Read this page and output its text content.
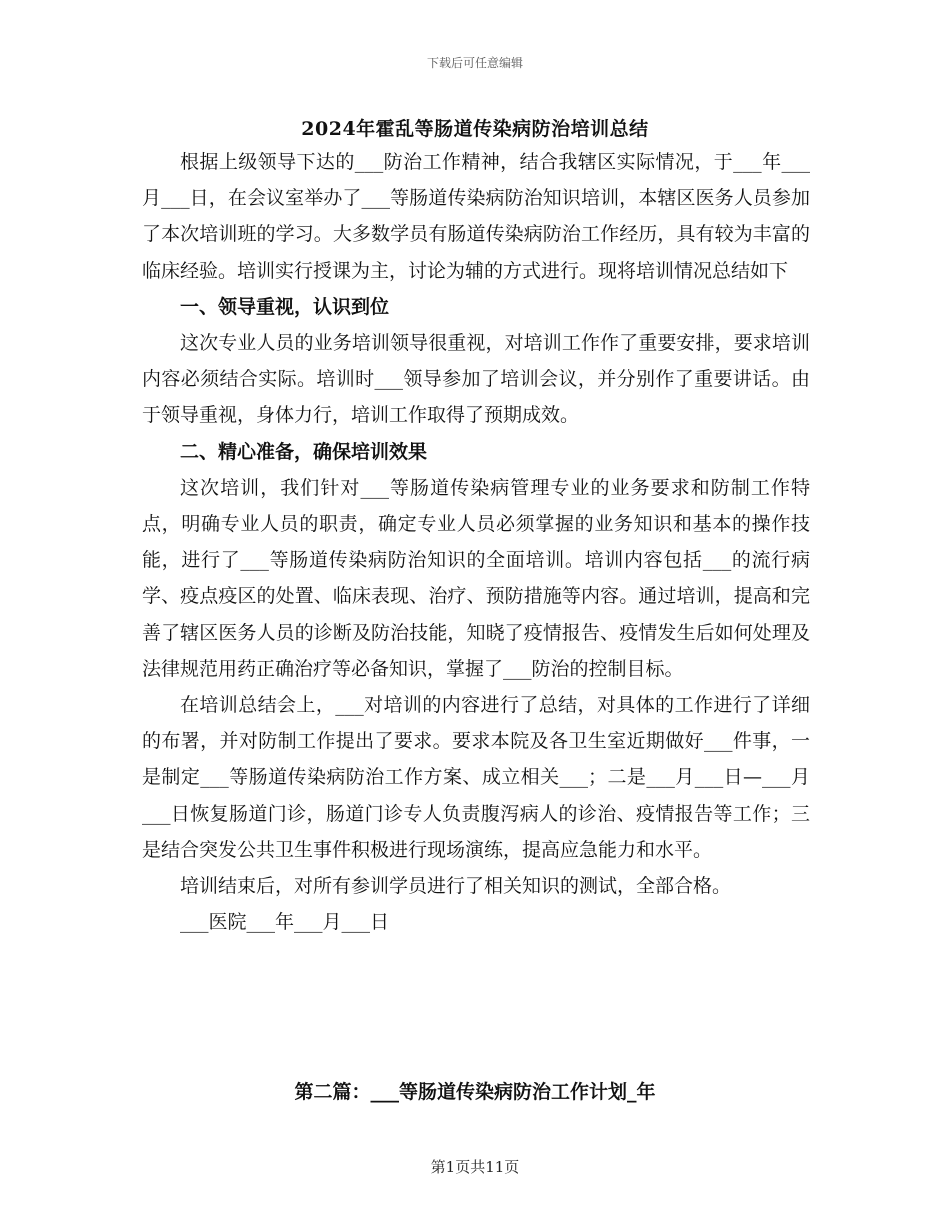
下载后可任意编辑
2024年霍乱等肠道传染病防治培训总结

根据上级领导下达的___防治工作精神，结合我辖区实际情况，于___年___月___日，在会议室举办了___等肠道传染病防治知识培训，本辖区医务人员参加了本次培训班的学习。大多数学员有肠道传染病防治工作经历，具有较为丰富的临床经验。培训实行授课为主，讨论为辅的方式进行。现将培训情况总结如下

一、领导重视，认识到位

这次专业人员的业务培训领导很重视，对培训工作作了重要安排，要求培训内容必须结合实际。培训时___领导参加了培训会议，并分别作了重要讲话。由于领导重视，身体力行，培训工作取得了预期成效。

二、精心准备，确保培训效果

这次培训，我们针对___等肠道传染病管理专业的业务要求和防制工作特点，明确专业人员的职责，确定专业人员必须掌握的业务知识和基本的操作技能，进行了___等肠道传染病防治知识的全面培训。培训内容包括___的流行病学、疫点疫区的处置、临床表现、治疗、预防措施等内容。通过培训，提高和完善了辖区医务人员的诊断及防治技能，知晓了疫情报告、疫情发生后如何处理及法律规范用药正确治疗等必备知识，掌握了___防治的控制目标。

在培训总结会上，___对培训的内容进行了总结，对具体的工作进行了详细的布署，并对防制工作提出了要求。要求本院及各卫生室近期做好___件事，一是制定___等肠道传染病防治工作方案、成立相关___；二是___月___日—___月___日恢复肠道门诊，肠道门诊专人负责腹泻病人的诊治、疫情报告等工作；三是结合突发公共卫生事件积极进行现场演练，提高应急能力和水平。

培训结束后，对所有参训学员进行了相关知识的测试，全部合格。

___医院___年___月___日

第二篇：___等肠道传染病防治工作计划_年
第1页共11页
